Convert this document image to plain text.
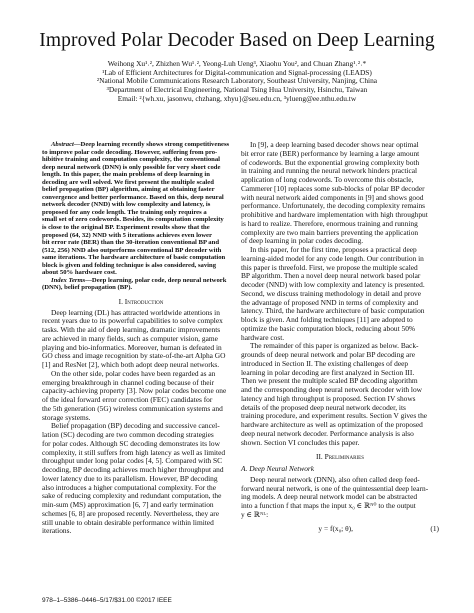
Improved Polar Decoder Based on Deep Learning
Weihong Xu¹˒², Zhizhen Wu¹˒², Yeong-Luh Ueng³, Xiaohu You², and Chuan Zhang¹˒²˒*
¹Lab of Efficient Architectures for Digital-communication and Signal-processing (LEADS)
²National Mobile Communications Research Laboratory, Southeast University, Nanjing, China
³Department of Electrical Engineering, National Tsing Hua University, Hsinchu, Taiwan
Email: ²{wh.xu, jasonwu, chzhang, xhyu}@seu.edu.cn, ³ylueng@ee.nthu.edu.tw
Abstract—Deep learning recently shows strong competitiveness
to improve polar code decoding. However, suffering from pro-
hibitive training and computation complexity, the conventional
deep neural network (DNN) is only possible for very short code
length. In this paper, the main problems of deep learning in
decoding are well solved. We first present the multiple scaled
belief propagation (BP) algorithm, aiming at obtaining faster
convergence and better performance. Based on this, deep neural
network decoder (NND) with low complexity and latency, is
proposed for any code length. The training only requires a
small set of zero codewords. Besides, its computation complexity
is close to the original BP. Experiment results show that the
proposed (64, 32) NND with 5 iterations achieves even lower
bit error rate (BER) than the 30-iteration conventional BP and
(512, 256) NND also outperforms conventional BP decoder with
same iterations. The hardware architecture of basic computation
block is given and folding technique is also considered, saving
about 50% hardware cost.
Index Terms—Deep learning, polar code, deep neural network
(DNN), belief propagation (BP).
I. Introduction
Deep learning (DL) has attracted worldwide attentions in
recent years due to its powerful capabilities to solve complex
tasks. With the aid of deep learning, dramatic improvements
are achieved in many fields, such as computer vision, game
playing and bio-informatics. Moreover, human is defeated in
GO chess and image recognition by state-of-the-art Alpha GO
[1] and ResNet [2], which both adopt deep neural networks.
On the other side, polar codes have been regarded as an
emerging breakthrough in channel coding because of their
capacity-achieving property [3]. Now polar codes become one
of the ideal forward error correction (FEC) candidates for
the 5th generation (5G) wireless communication systems and
storage systems.
Belief propagation (BP) decoding and successive cancel-
lation (SC) decoding are two common decoding strategies
for polar codes. Although SC decoding demonstrates its low
complexity, it still suffers from high latency as well as limited
throughput under long polar codes [4, 5]. Compared with SC
decoding, BP decoding achieves much higher throughput and
lower latency due to its parallelism. However, BP decoding
also introduces a higher computational complexity. For the
sake of reducing complexity and redundant computation, the
min-sum (MS) approximation [6, 7] and early termination
schemes [6, 8] are proposed recently. Nevertheless, they are
still unable to obtain desirable performance within limited
iterations.
In [9], a deep learning based decoder shows near optimal
bit error rate (BER) performance by learning a large amount
of codewords. But the exponential growing complexity both
in training and running the neural network hinders practical
application of long codewords. To overcome this obstacle,
Cammerer [10] replaces some sub-blocks of polar BP decoder
with neural network aided components in [9] and shows good
performance. Unfortunately, the decoding complexity remains
prohibitive and hardware implementation with high throughput
is hard to realize. Therefore, enormous training and running
complexity are two main barriers preventing the application
of deep learning in polar codes decoding.
In this paper, for the first time, proposes a practical deep
learning-aided model for any code length. Our contribution in
this paper is threefold. First, we propose the multiple scaled
BP algorithm. Then a novel deep neural network based polar
decoder (NND) with low complexity and latency is presented.
Second, we discuss training methodology in detail and prove
the advantage of proposed NND in terms of complexity and
latency. Third, the hardware architecture of basic computation
block is given. And folding techniques [11] are adopted to
optimize the basic computation block, reducing about 50%
hardware cost.
The remainder of this paper is organized as below. Back-
grounds of deep neural network and polar BP decoding are
introduced in Section II. The existing challenges of deep
learning in polar decoding are first analyzed in Section III.
Then we present the multiple scaled BP decoding algorithm
and the corresponding deep neural network decoder with low
latency and high throughput is proposed. Section IV shows
details of the proposed deep neural network decoder, its
training procedure, and experiment results. Section V gives the
hardware architecture as well as optimization of the proposed
deep neural network decoder. Performance analysis is also
shown. Section VI concludes this paper.
II. Preliminaries
A. Deep Neural Network
Deep neural network (DNN), also often called deep feed-
forward neural network, is one of the quintessential deep learn-
ing models. A deep neural network model can be abstracted
into a function f that maps the input x₀ ∈ ℝᴺ⁰ to the output
y ∈ ℝᴺᴸ:
y = f(x₀; θ),	(1)
978–1–5386–0446–5/17/$31.00 ©2017 IEEE
